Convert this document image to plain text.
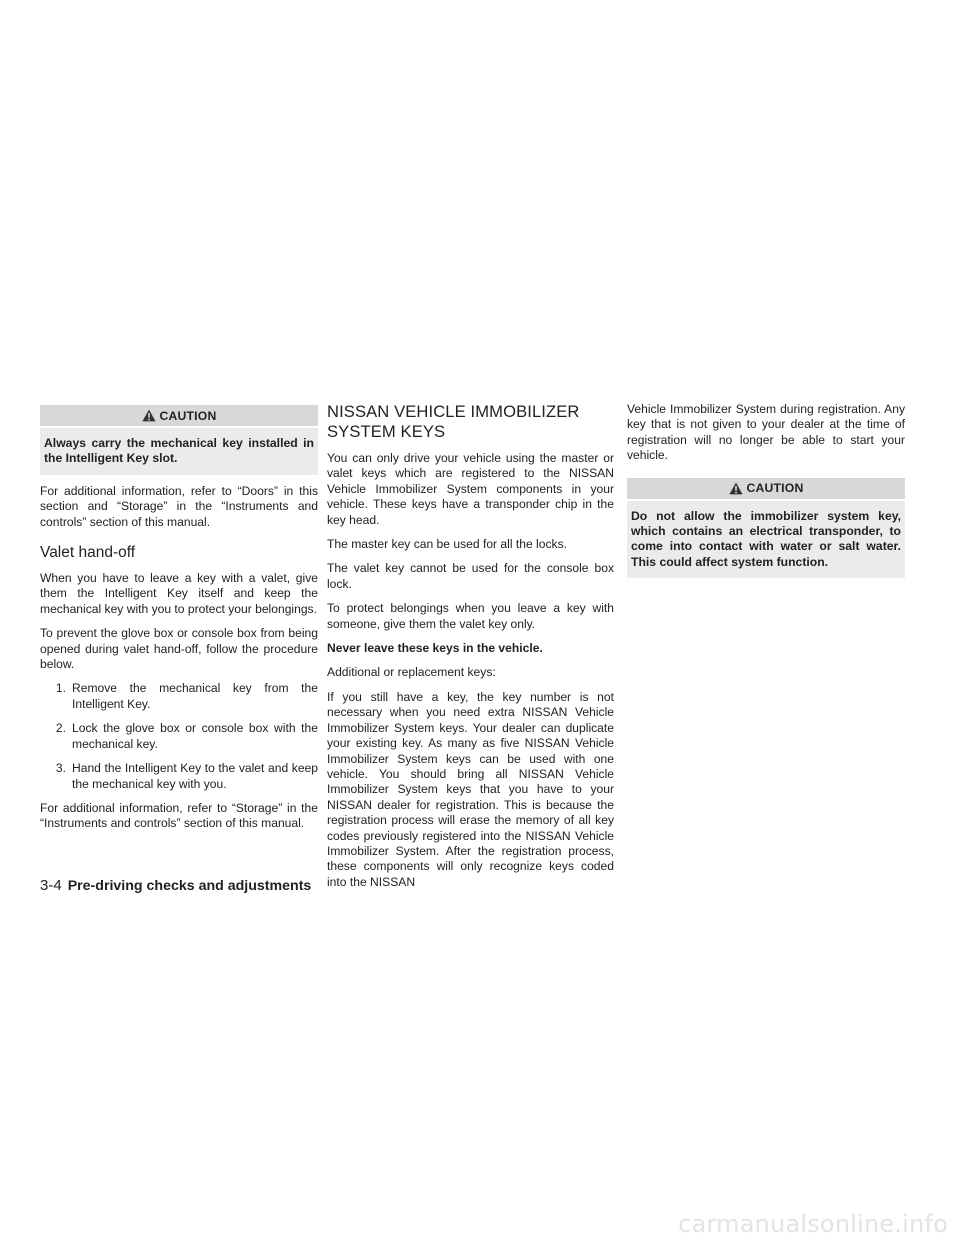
CAUTION
Always carry the mechanical key installed in the Intelligent Key slot.

For additional information, refer to “Doors” in this section and “Storage” in the “Instruments and controls” section of this manual.

Valet hand-off

When you have to leave a key with a valet, give them the Intelligent Key itself and keep the mechanical key with you to protect your belongings.

To prevent the glove box or console box from being opened during valet hand-off, follow the procedure below.

1. Remove the mechanical key from the Intelligent Key.
2. Lock the glove box or console box with the mechanical key.
3. Hand the Intelligent Key to the valet and keep the mechanical key with you.

For additional information, refer to “Storage” in the “Instruments and controls” section of this manual.

NISSAN VEHICLE IMMOBILIZER SYSTEM KEYS

You can only drive your vehicle using the master or valet keys which are registered to the NISSAN Vehicle Immobilizer System components in your vehicle. These keys have a transponder chip in the key head.

The master key can be used for all the locks.

The valet key cannot be used for the console box lock.

To protect belongings when you leave a key with someone, give them the valet key only.

Never leave these keys in the vehicle.

Additional or replacement keys:

If you still have a key, the key number is not necessary when you need extra NISSAN Vehicle Immobilizer System keys. Your dealer can duplicate your existing key. As many as five NISSAN Vehicle Immobilizer System keys can be used with one vehicle. You should bring all NISSAN Vehicle Immobilizer System keys that you have to your NISSAN dealer for registration. This is because the registration process will erase the memory of all key codes previously registered into the NISSAN Vehicle Immobilizer System. After the registration process, these components will only recognize keys coded into the NISSAN

Vehicle Immobilizer System during registration. Any key that is not given to your dealer at the time of registration will no longer be able to start your vehicle.

CAUTION
Do not allow the immobilizer system key, which contains an electrical transponder, to come into contact with water or salt water. This could affect system function.
3-4 Pre-driving checks and adjustments
carmanualsonline.info
